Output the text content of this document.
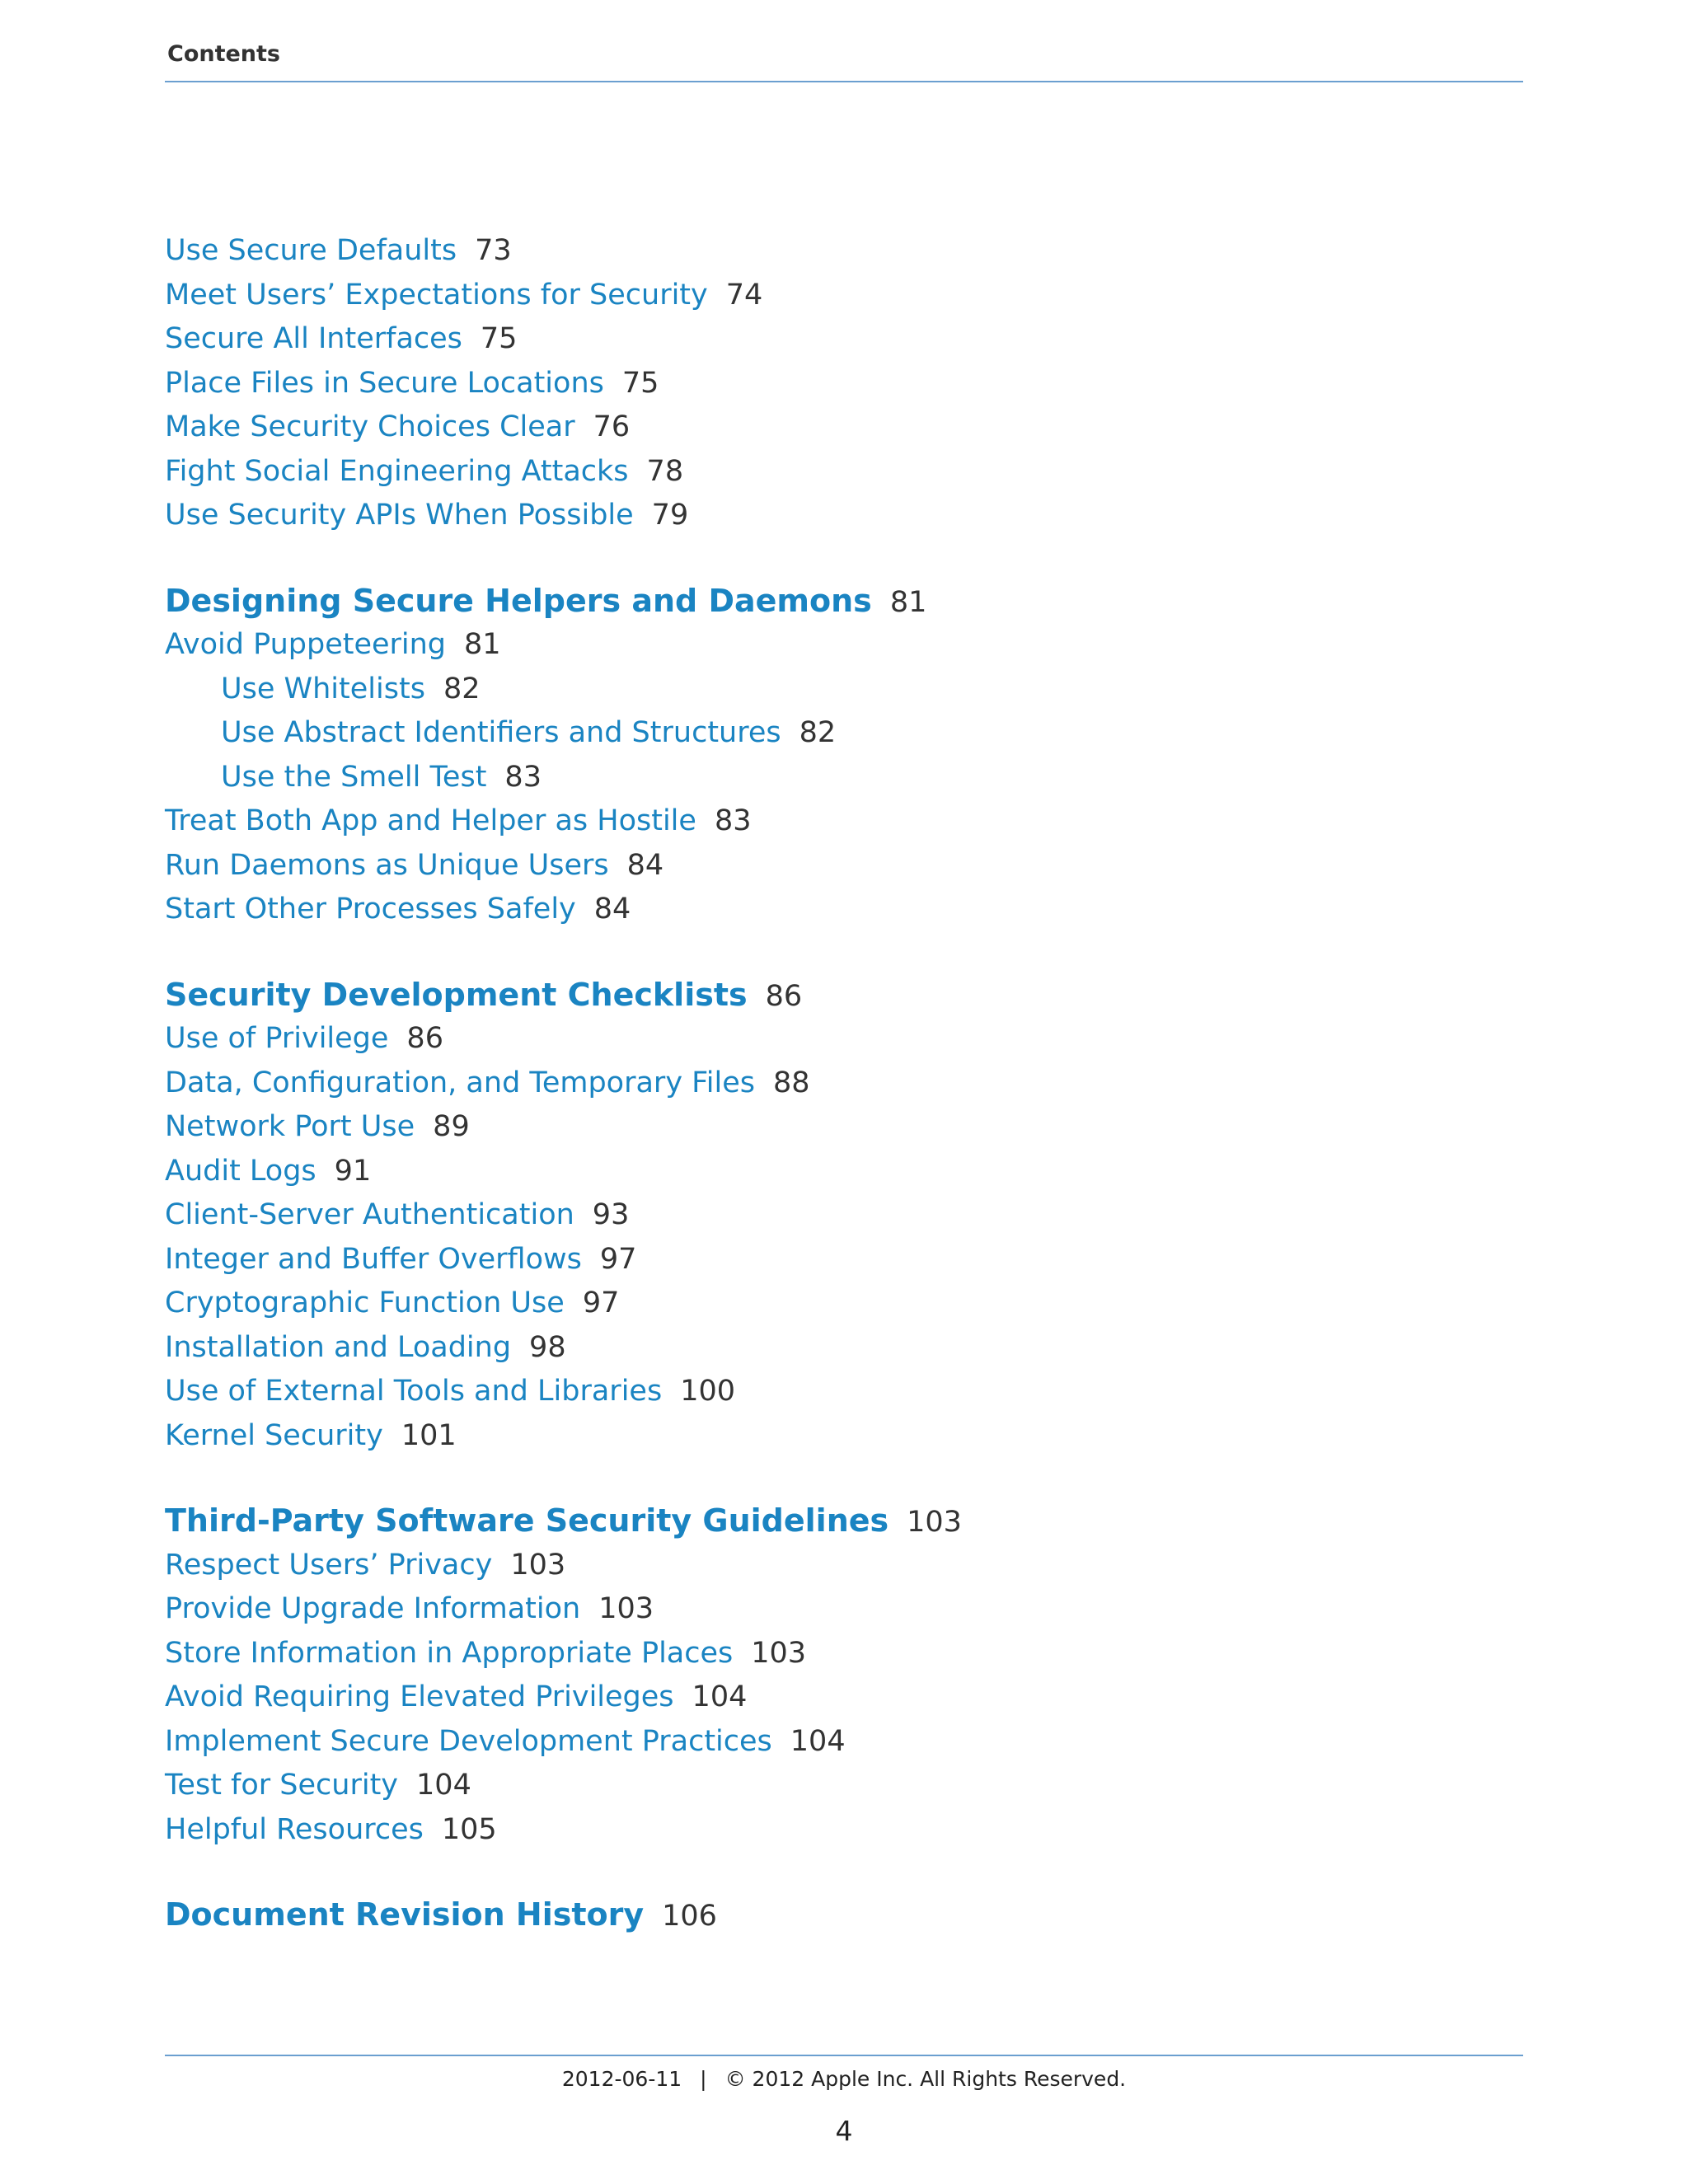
Contents
Use Secure Defaults 73
Meet Users’ Expectations for Security 74
Secure All Interfaces 75
Place Files in Secure Locations 75
Make Security Choices Clear 76
Fight Social Engineering Attacks 78
Use Security APIs When Possible 79
Designing Secure Helpers and Daemons 81
Avoid Puppeteering 81
Use Whitelists 82
Use Abstract Identifiers and Structures 82
Use the Smell Test 83
Treat Both App and Helper as Hostile 83
Run Daemons as Unique Users 84
Start Other Processes Safely 84
Security Development Checklists 86
Use of Privilege 86
Data, Configuration, and Temporary Files 88
Network Port Use 89
Audit Logs 91
Client-Server Authentication 93
Integer and Buffer Overflows 97
Cryptographic Function Use 97
Installation and Loading 98
Use of External Tools and Libraries 100
Kernel Security 101
Third-Party Software Security Guidelines 103
Respect Users’ Privacy 103
Provide Upgrade Information 103
Store Information in Appropriate Places 103
Avoid Requiring Elevated Privileges 104
Implement Secure Development Practices 104
Test for Security 104
Helpful Resources 105
Document Revision History 106
2012-06-11 | © 2012 Apple Inc. All Rights Reserved.
4
